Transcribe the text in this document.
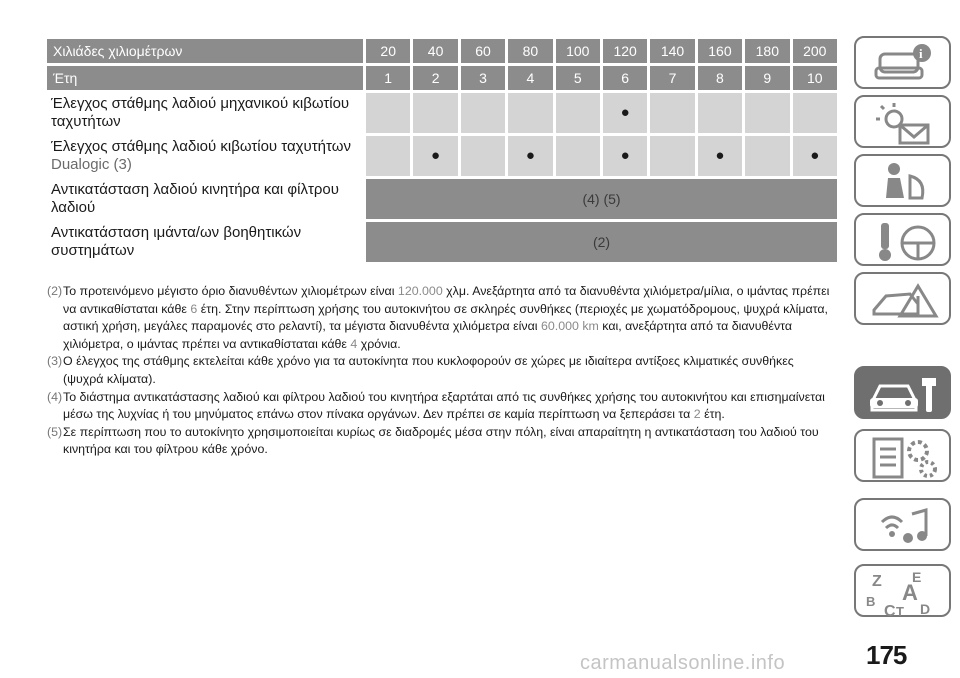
Χιλιάδες χιλιομέτρων	20	40	60	80	100	120	140	160	180	200
Έτη	1	2	3	4	5	6	7	8	9	10

Έλεγχος στάθμης λαδιού μηχανικού κιβωτίου
ταχυτήτων						●				

Έλεγχος στάθμης λαδιού κιβωτίου ταχυτήτων
Dualogic (3)		●		●		●		●		●

Αντικατάσταση λαδιού κινητήρα και φίλτρου
λαδιού	(4) (5)									

Αντικατάσταση ιμάντα/ων βοηθητικών
συστημάτων	(2)									
(2) Το προτεινόμενο μέγιστο όριο διανυθέντων χιλιομέτρων είναι 120.000 χλμ. Ανεξάρτητα από τα διανυθέντα χιλιόμετρα/μίλια, ο ιμάντας πρέπει να αντικαθίσταται κάθε 6 έτη. Στην περίπτωση χρήσης του αυτοκινήτου σε σκληρές συνθήκες (περιοχές με χωματόδρομους, ψυχρά κλίματα, αστική χρήση, μεγάλες παραμονές στο ρελαντί), τα μέγιστα διανυθέντα χιλιόμετρα είναι 60.000 km και, ανεξάρτητα από τα διανυθέντα χιλιόμετρα, ο ιμάντας πρέπει να αντικαθίσταται κάθε 4 χρόνια.
(3) Ο έλεγχος της στάθμης εκτελείται κάθε χρόνο για τα αυτοκίνητα που κυκλοφορούν σε χώρες με ιδιαίτερα αντίξοες κλιματικές συνθήκες (ψυχρά κλίματα).
(4) Το διάστημα αντικατάστασης λαδιού και φίλτρου λαδιού του κινητήρα εξαρτάται από τις συνθήκες χρήσης του αυτοκινήτου και επισημαίνεται μέσω της λυχνίας ή του μηνύματος επάνω στον πίνακα οργάνων. Δεν πρέπει σε καμία περίπτωση να ξεπεράσει τα 2 έτη.
(5) Σε περίπτωση που το αυτοκίνητο χρησιμοποιείται κυρίως σε διαδρομές μέσα στην πόλη, είναι απαραίτητη η αντικατάσταση του λαδιού του κινητήρα και του φίλτρου κάθε χρόνο.
i
Z E
B A
C T D
175
carmanualsonline.info
